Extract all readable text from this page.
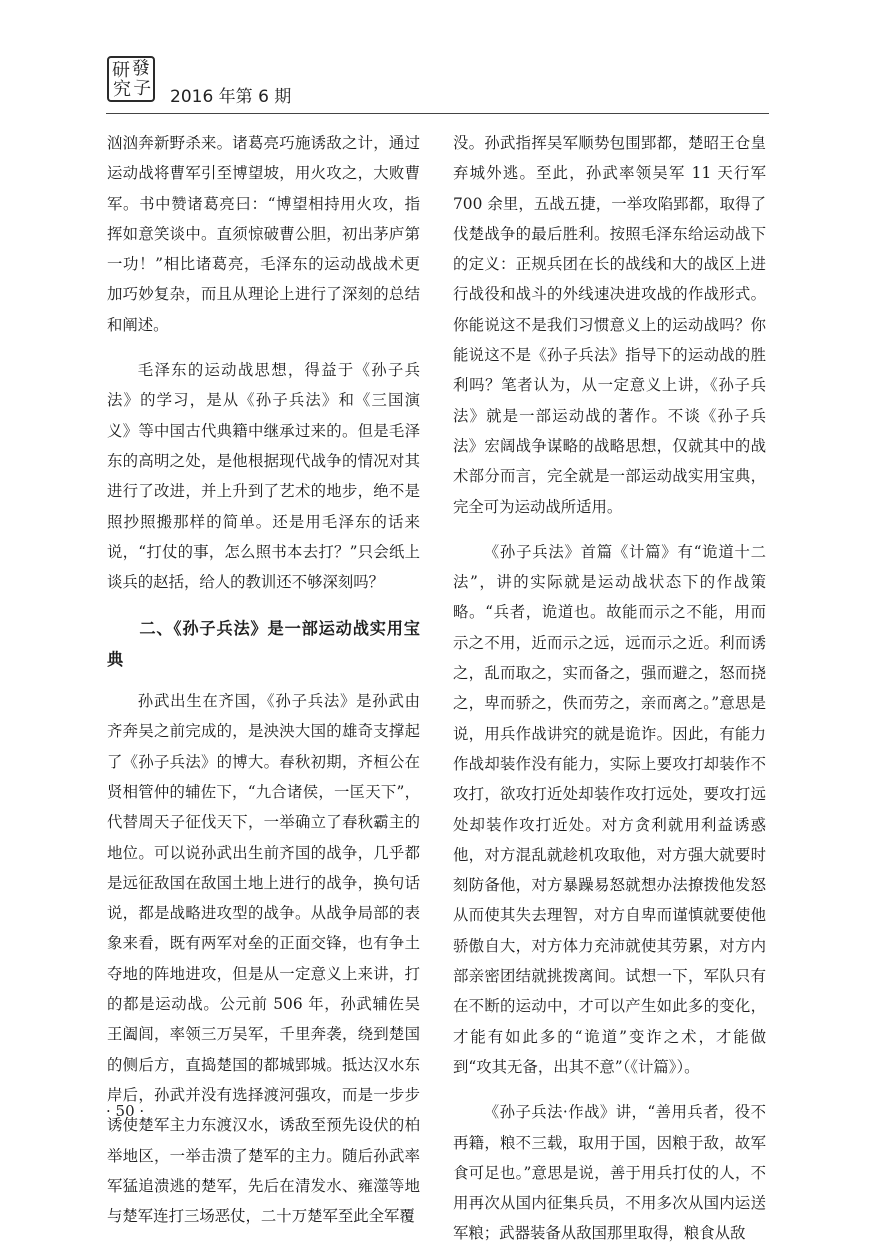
研 發
究 子 2016 年第 6 期

汹汹奔新野杀来。诸葛亮巧施诱敌之计，通过运动战将曹军引至博望坡，用火攻之，大败曹军。书中赞诸葛亮曰：“博望相持用火攻，指挥如意笑谈中。直须惊破曹公胆，初出茅庐第一功！”相比诸葛亮，毛泽东的运动战战术更加巧妙复杂，而且从理论上进行了深刻的总结和阐述。

毛泽东的运动战思想，得益于《孙子兵法》的学习，是从《孙子兵法》和《三国演义》等中国古代典籍中继承过来的。但是毛泽东的高明之处，是他根据现代战争的情况对其进行了改进，并上升到了艺术的地步，绝不是照抄照搬那样的简单。还是用毛泽东的话来说，“打仗的事，怎么照书本去打？”只会纸上谈兵的赵括，给人的教训还不够深刻吗？

二、《孙子兵法》是一部运动战实用宝典

孙武出生在齐国，《孙子兵法》是孙武由齐奔吴之前完成的，是泱泱大国的雄奇支撑起了《孙子兵法》的博大。春秋初期，齐桓公在贤相管仲的辅佐下，“九合诸侯，一匡天下”，代替周天子征伐天下，一举确立了春秋霸主的地位。可以说孙武出生前齐国的战争，几乎都是远征敌国在敌国土地上进行的战争，换句话说，都是战略进攻型的战争。从战争局部的表象来看，既有两军对垒的正面交锋，也有争土夺地的阵地进攻，但是从一定意义上来讲，打的都是运动战。公元前 506 年，孙武辅佐吴王阖闾，率领三万吴军，千里奔袭，绕到楚国的侧后方，直捣楚国的都城郢城。抵达汉水东岸后，孙武并没有选择渡河强攻，而是一步步诱使楚军主力东渡汉水，诱敌至预先设伏的柏举地区，一举击溃了楚军的主力。随后孙武率军猛追溃逃的楚军，先后在清发水、雍澨等地与楚军连打三场恶仗，二十万楚军至此全军覆

没。孙武指挥吴军顺势包围郢都，楚昭王仓皇弃城外逃。至此，孙武率领吴军 11 天行军 700 余里，五战五捷，一举攻陷郢都，取得了伐楚战争的最后胜利。按照毛泽东给运动战下的定义：正规兵团在长的战线和大的战区上进行战役和战斗的外线速决进攻战的作战形式。你能说这不是我们习惯意义上的运动战吗？你能说这不是《孙子兵法》指导下的运动战的胜利吗？笔者认为，从一定意义上讲，《孙子兵法》就是一部运动战的著作。不谈《孙子兵法》宏阔战争谋略的战略思想，仅就其中的战术部分而言，完全就是一部运动战实用宝典，完全可为运动战所适用。

《孙子兵法》首篇《计篇》有“诡道十二法”，讲的实际就是运动战状态下的作战策略。“兵者，诡道也。故能而示之不能，用而示之不用，近而示之远，远而示之近。利而诱之，乱而取之，实而备之，强而避之，怒而挠之，卑而骄之，佚而劳之，亲而离之。”意思是说，用兵作战讲究的就是诡诈。因此，有能力作战却装作没有能力，实际上要攻打却装作不攻打，欲攻打近处却装作攻打远处，要攻打远处却装作攻打近处。对方贪利就用利益诱惑他，对方混乱就趁机攻取他，对方强大就要时刻防备他，对方暴躁易怒就想办法撩拨他发怒从而使其失去理智，对方自卑而谨慎就要使他骄傲自大，对方体力充沛就使其劳累，对方内部亲密团结就挑拨离间。试想一下，军队只有在不断的运动中，才可以产生如此多的变化，才能有如此多的“诡道”变诈之术，才能做到“攻其无备，出其不意”（《计篇》）。

《孙子兵法·作战》讲，“善用兵者，役不再籍，粮不三载，取用于国，因粮于敌，故军食可足也。”意思是说，善于用兵打仗的人，不用再次从国内征集兵员，不用多次从国内运送军粮；武器装备从敌国那里取得，粮食从敌

· 50 ·
